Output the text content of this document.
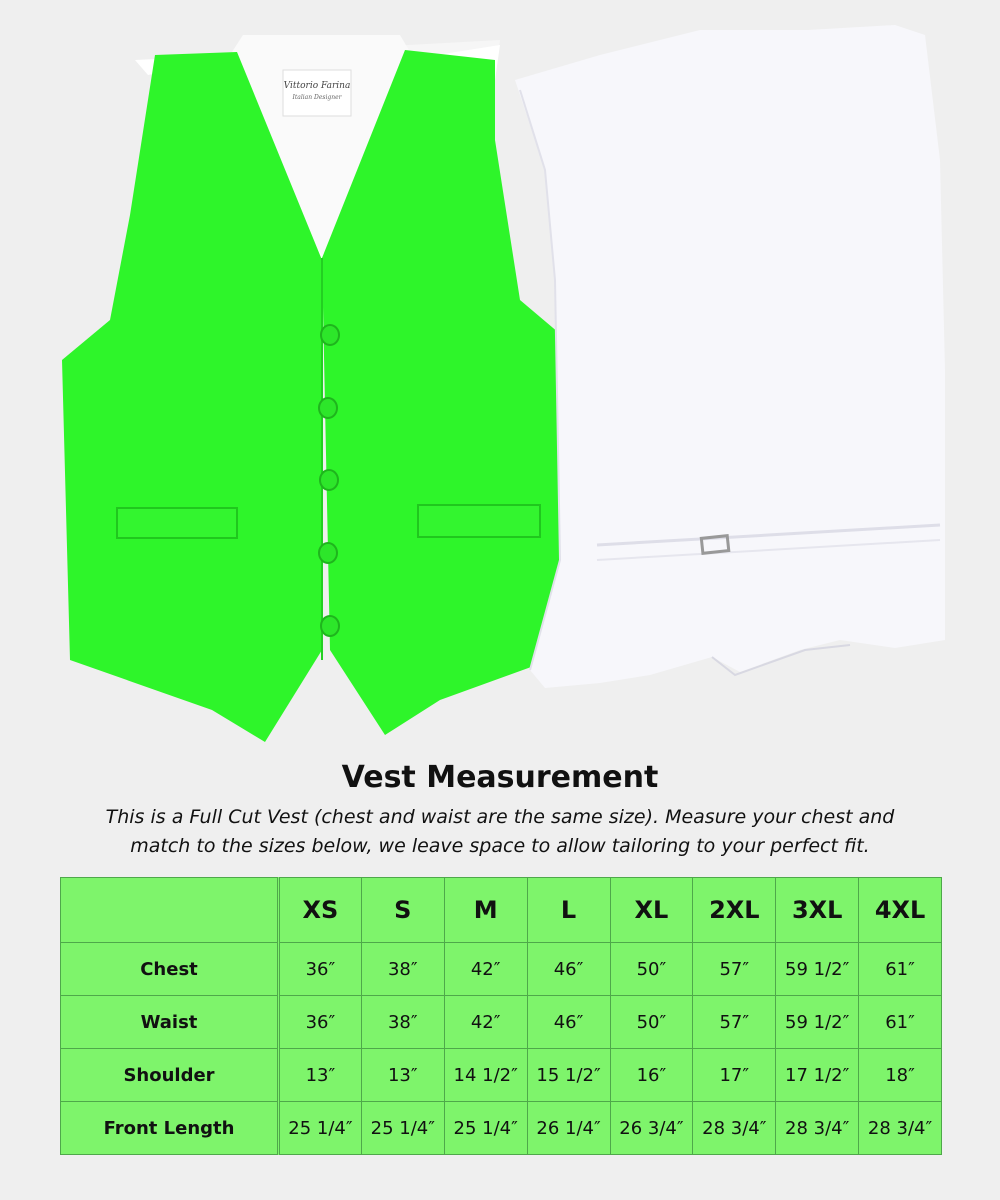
Vittorio Farina
Italian Designer
Vest Measurement
This is a Full Cut Vest (chest and waist are the same size). Measure your chest and
match to the sizes below, we leave space to allow tailoring to your perfect fit.
	XS	S	M	L	XL	2XL	3XL	4XL
Chest	36″	38″	42″	46″	50″	57″	59 1/2″	61″
Waist	36″	38″	42″	46″	50″	57″	59 1/2″	61″
Shoulder	13″	13″	14 1/2″	15 1/2″	16″	17″	17 1/2″	18″
Front Length	25 1/4″	25 1/4″	25 1/4″	26 1/4″	26 3/4″	28 3/4″	28 3/4″	28 3/4″
